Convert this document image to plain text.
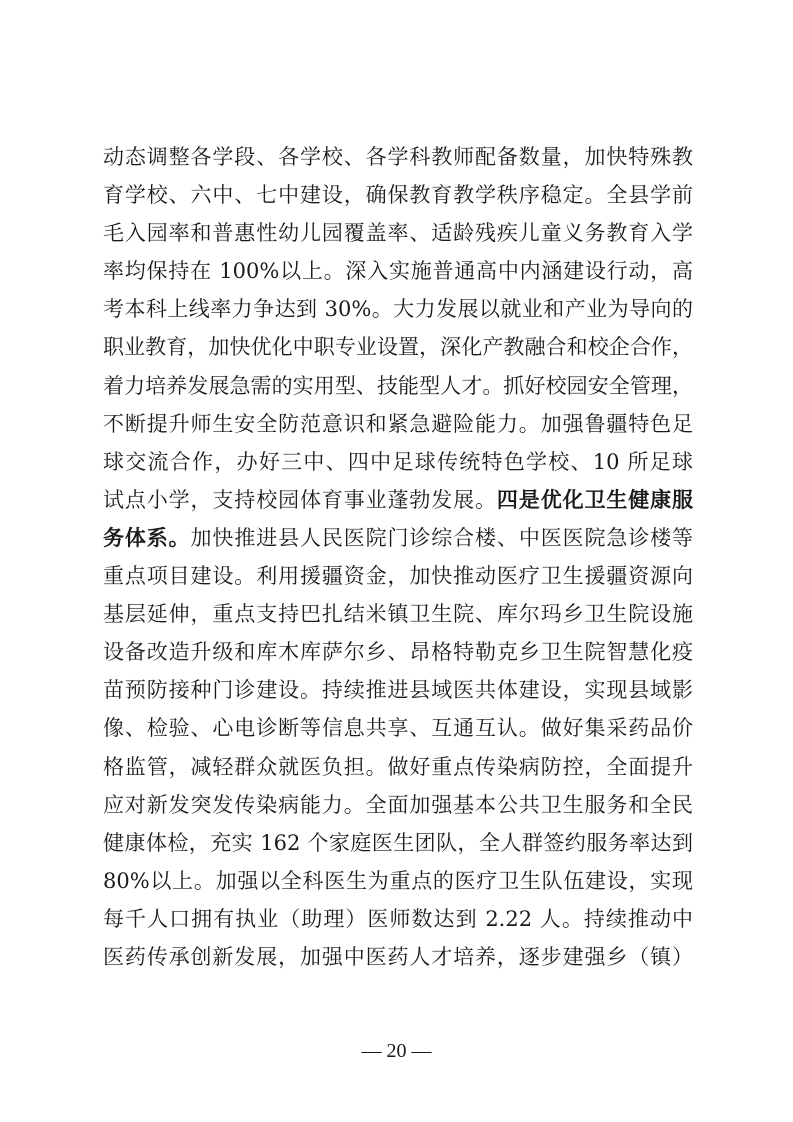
动态调整各学段、各学校、各学科教师配备数量，加快特殊教
育学校、六中、七中建设，确保教育教学秩序稳定。全县学前
毛入园率和普惠性幼儿园覆盖率、适龄残疾儿童义务教育入学
率均保持在 100%以上。深入实施普通高中内涵建设行动，高
考本科上线率力争达到 30%。大力发展以就业和产业为导向的
职业教育，加快优化中职专业设置，深化产教融合和校企合作，
着力培养发展急需的实用型、技能型人才。抓好校园安全管理，
不断提升师生安全防范意识和紧急避险能力。加强鲁疆特色足
球交流合作，办好三中、四中足球传统特色学校、10 所足球
试点小学，支持校园体育事业蓬勃发展。四是优化卫生健康服
务体系。加快推进县人民医院门诊综合楼、中医医院急诊楼等
重点项目建设。利用援疆资金，加快推动医疗卫生援疆资源向
基层延伸，重点支持巴扎结米镇卫生院、库尔玛乡卫生院设施
设备改造升级和库木库萨尔乡、昂格特勒克乡卫生院智慧化疫
苗预防接种门诊建设。持续推进县域医共体建设，实现县域影
像、检验、心电诊断等信息共享、互通互认。做好集采药品价
格监管，减轻群众就医负担。做好重点传染病防控，全面提升
应对新发突发传染病能力。全面加强基本公共卫生服务和全民
健康体检，充实 162 个家庭医生团队，全人群签约服务率达到
80%以上。加强以全科医生为重点的医疗卫生队伍建设，实现
每千人口拥有执业（助理）医师数达到 2.22 人。持续推动中
医药传承创新发展，加强中医药人才培养，逐步建强乡（镇）
— 20 —
